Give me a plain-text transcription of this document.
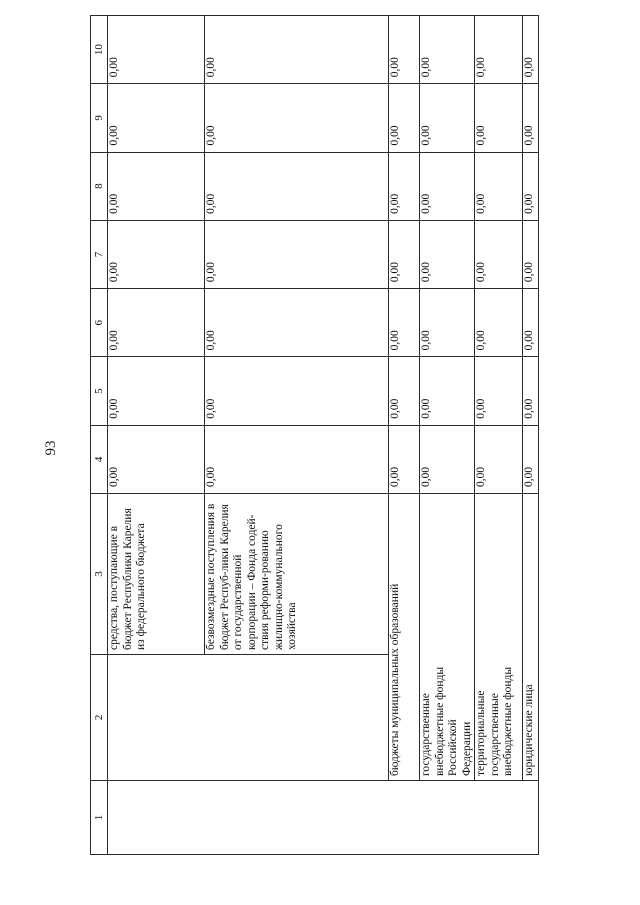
93
1	2	3	4	5	6	7	8	9	10
		средства, поступающие в бюджет Республики Карелия из федерального бюджета	0,00	0,00	0,00	0,00	0,00	0,00	0,00
		безвозмездные поступления в бюджет Респуб-лики Карелия от государственной корпорации – Фонда содей-ствия реформи-рованию жилищно-коммунального хозяйства	0,00	0,00	0,00	0,00	0,00	0,00	0,00
	бюджеты муниципальных образований		0,00	0,00	0,00	0,00	0,00	0,00	0,00
	государственные внебюджетные фонды Российской Федерации		0,00	0,00	0,00	0,00	0,00	0,00	0,00
	территориальные государственные внебюджетные фонды		0,00	0,00	0,00	0,00	0,00	0,00	0,00
	юридические лица		0,00	0,00	0,00	0,00	0,00	0,00	0,00
